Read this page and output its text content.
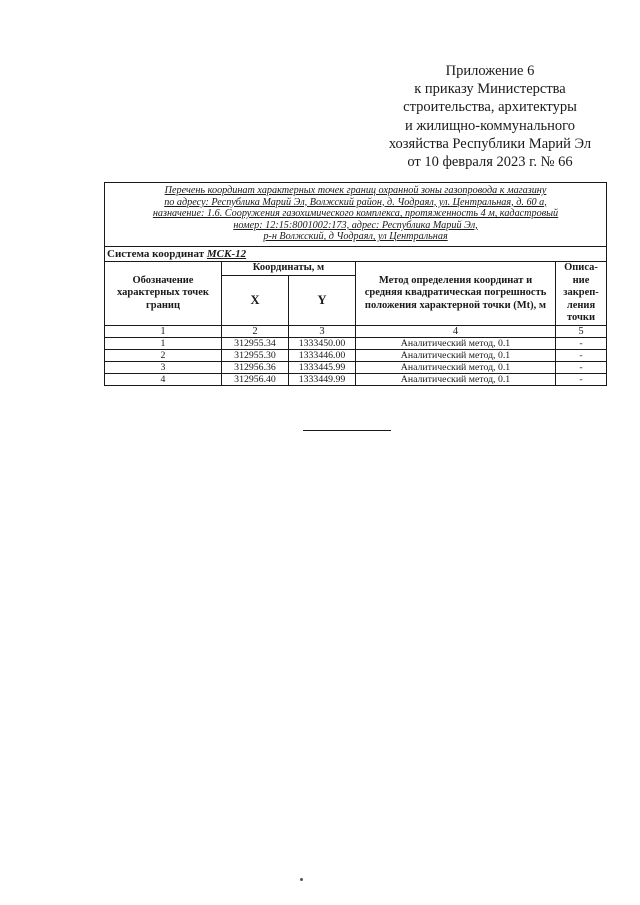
Приложение 6
к приказу Министерства
строительства, архитектуры
и жилищно-коммунального
хозяйства Республики Марий Эл
от 10 февраля 2023 г. № 66
Перечень координат характерных точек границ охранной зоны газопровода к магазину
по адресу: Республика Марий Эл, Волжский район, д. Чодраял, ул. Центральная, д. 60 а,
назначение: 1.6. Сооружения газохимического комплекса, протяженность 4 м, кадастровый
номер: 12:15:8001002:173, адрес: Республика Марий Эл,
р-н Волжский, д Чодраял, ул Центральная				

Система координат МСК-12				
Обозначение характерных точек границ	Координаты, м		Метод определения координат и средняя квадратическая погрешность положения характерной точки (Mt), м	Описа-ние закреп-ления точки
	X	Y		
1	2	3	4	5
1	312955.34	1333450.00	Аналитический метод, 0.1	-
2	312955.30	1333446.00	Аналитический метод, 0.1	-
3	312956.36	1333445.99	Аналитический метод, 0.1	-
4	312956.40	1333449.99	Аналитический метод, 0.1	-
